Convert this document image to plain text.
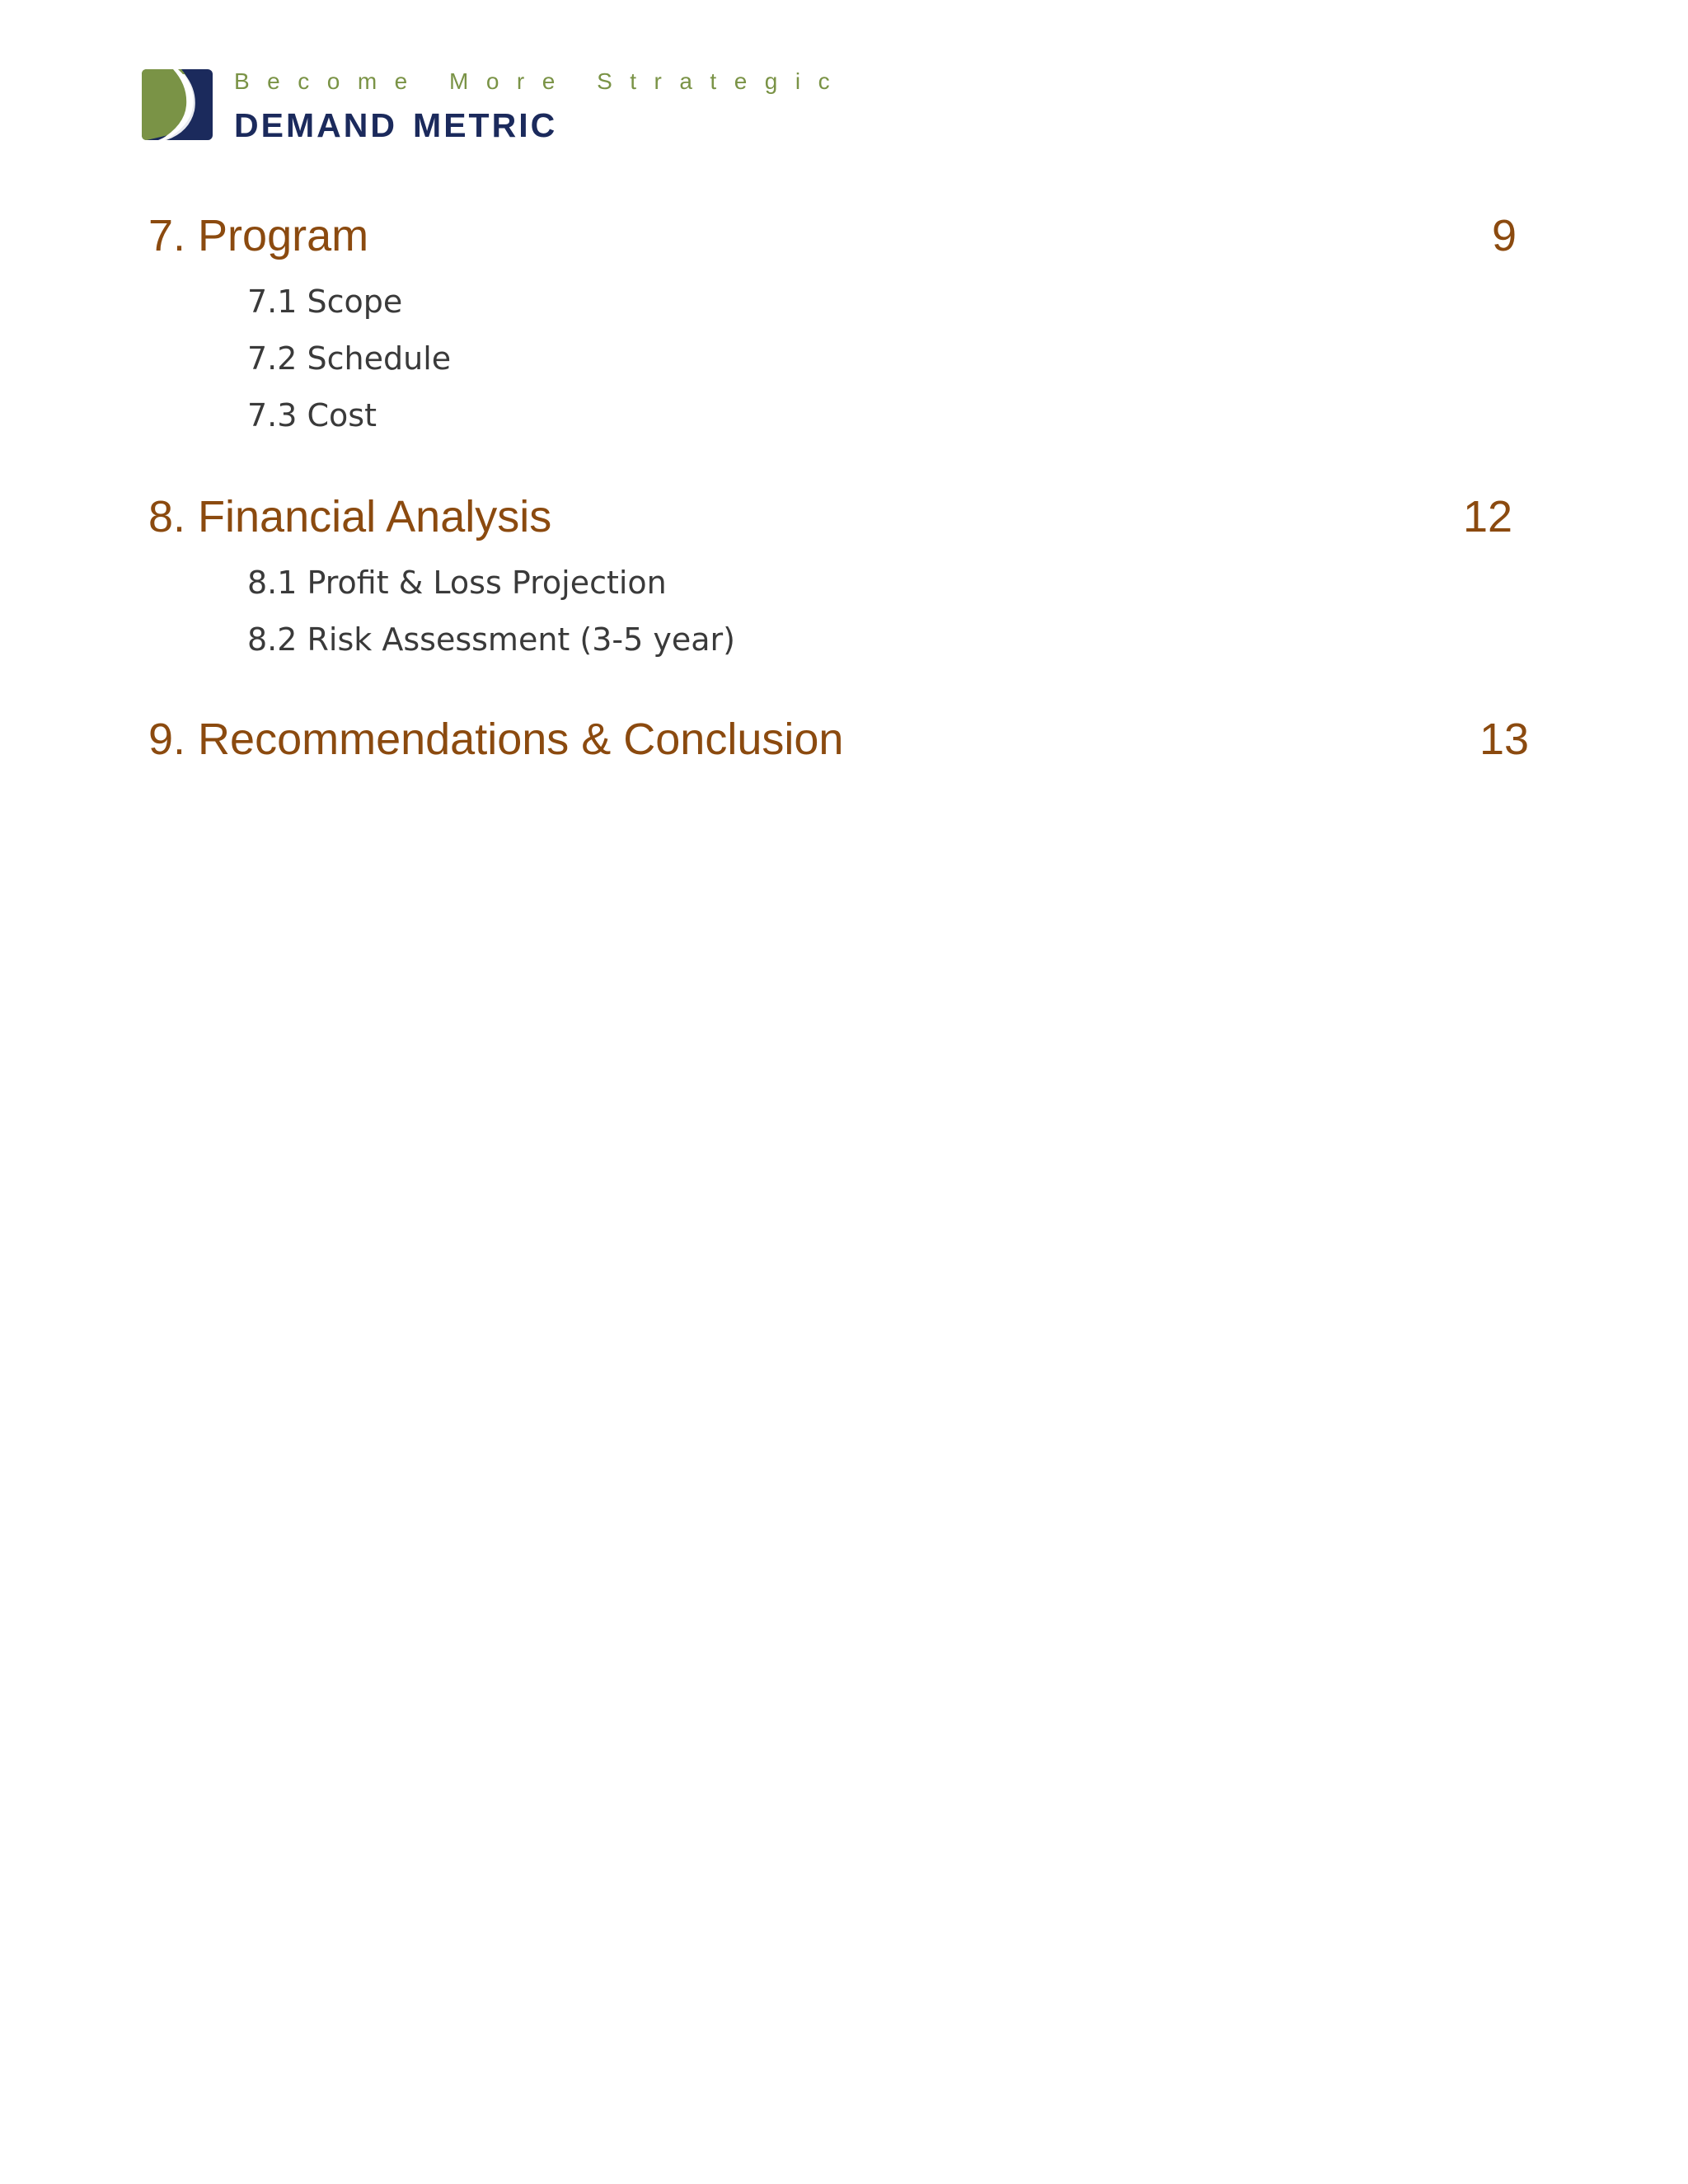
Become More Strategic
demand metric
7. Program	9
7.1 Scope
7.2 Schedule
7.3 Cost
8. Financial Analysis	12
8.1 Profit & Loss Projection
8.2 Risk Assessment (3-5 year)
9. Recommendations & Conclusion	13
